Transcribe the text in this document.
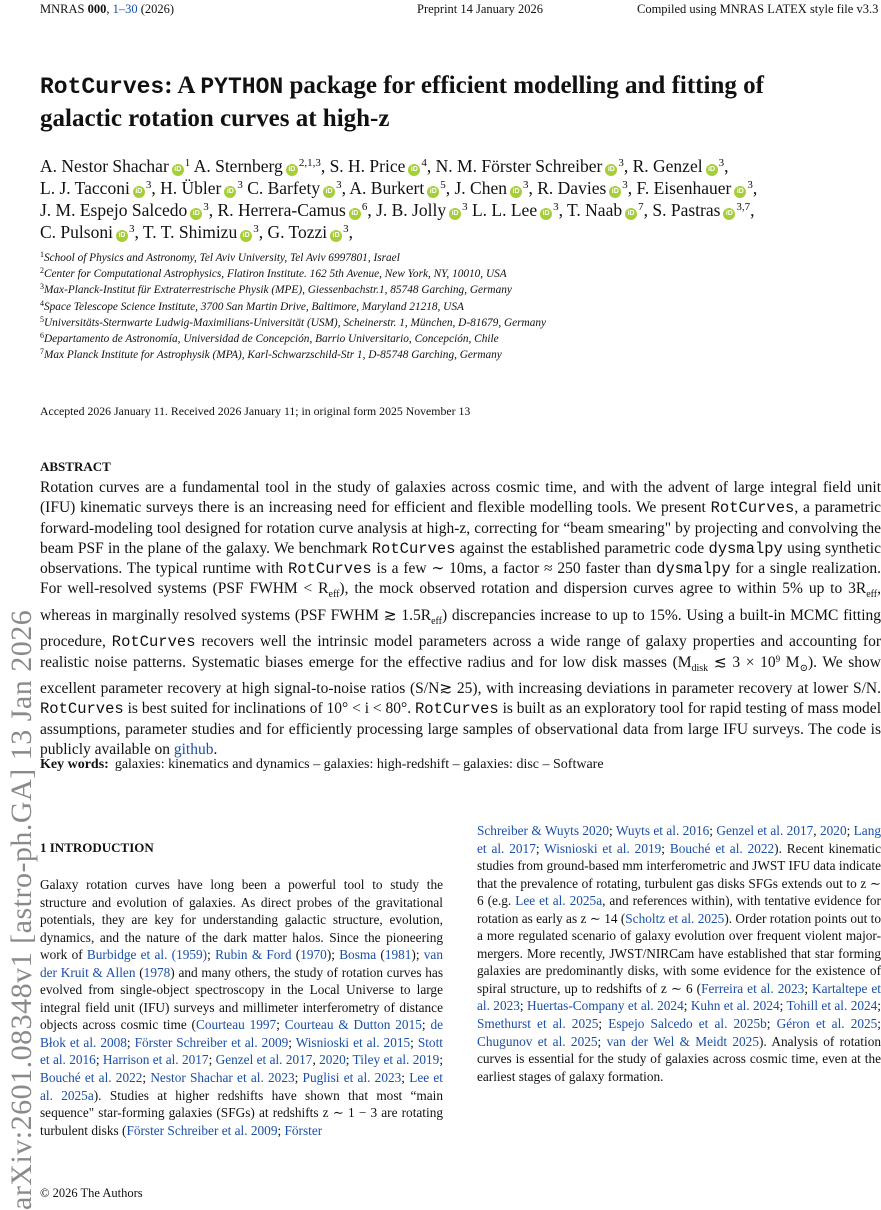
MNRAS 000, 1–30 (2026)	Preprint 14 January 2026	Compiled using MNRAS LATEX style file v3.3
arXiv:2601.08348v1 [astro-ph.GA] 13 Jan 2026
RotCurves: A PYTHON package for efficient modelling and fitting of
galactic rotation curves at high-z
A. Nestor Shachar $iD^1$ A. Sternberg iD$^{2,1,3}$, S. H. Price $iD^4$, N. M. Förster Schreiber $iD^3$, R. Genzel $iD^3$,
L. J. Tacconi $iD^3$, H. Übler $iD^3$ C. Barfety $iD^3$, A. Burkert $iD^5$, J. Chen $iD^3$, R. Davies $iD^3$, F. Eisenhauer $iD^3$,
J. M. Espejo Salcedo $iD^3$, R. Herrera-Camus $iD^6$, J. B. Jolly $iD^3$ L. L. Lee $iD^3$, T. Naab $iD^7$, S. Pastras iD$^{3,7}$,
C. Pulsoni $iD^3$, T. T. Shimizu $iD^3$, G. Tozzi $iD^3$,
$^1$School of Physics and Astronomy, Tel Aviv University, Tel Aviv 6997801, Israel
$^2$Center for Computational Astrophysics, Flatiron Institute. 162 5th Avenue, New York, NY, 10010, USA
$^3$Max-Planck-Institut für Extraterrestrische Physik (MPE), Giessenbachstr.1, 85748 Garching, Germany
$^4$Space Telescope Science Institute, 3700 San Martin Drive, Baltimore, Maryland 21218, USA
$^5$Universitäts-Sternwarte Ludwig-Maximilians-Universität (USM), Scheinerstr. 1, München, D-81679, Germany
$^6$Departamento de Astronomía, Universidad de Concepción, Barrio Universitario, Concepción, Chile
$^7$Max Planck Institute for Astrophysik (MPA), Karl-Schwarzschild-Str 1, D-85748 Garching, Germany
Accepted 2026 January 11. Received 2026 January 11; in original form 2025 November 13
ABSTRACT
Rotation curves are a fundamental tool in the study of galaxies across cosmic time, and with the advent of large integral field unit (IFU) kinematic surveys there is an increasing need for efficient and flexible modelling tools. We present RotCurves, a parametric forward-modeling tool designed for rotation curve analysis at high-z, correcting for “beam smearing" by projecting and convolving the beam PSF in the plane of the galaxy. We benchmark RotCurves against the established parametric code dysmalpy using synthetic observations. The typical runtime with RotCurves is a few ∼ 10ms, a factor ≈ 250 faster than dysmalpy for a single realization. For well-resolved systems (PSF FWHM < $R_{eff}$), the mock observed rotation and dispersion curves agree to within 5% up to $3R_{eff}$, whereas in marginally resolved systems (PSF FWHM ≳ $1.5R_{eff}$) discrepancies increase to up to 15%. Using a built-in MCMC fitting procedure, RotCurves recovers well the intrinsic model parameters across a wide range of galaxy properties and accounting for realistic noise patterns. Systematic biases emerge for the effective radius and for low disk masses ($M_{disk}$ ≲ $3 \times 10^9$ $M_⊙$). We show excellent parameter recovery at high signal-to-noise ratios (S/N≳ 25), with increasing deviations in parameter recovery at lower S/N. RotCurves is best suited for inclinations of 10° < i < 80°. RotCurves is built as an exploratory tool for rapid testing of mass model assumptions, parameter studies and for efficiently processing large samples of observational data from large IFU surveys. The code is publicly available on github.
Key words: galaxies: kinematics and dynamics – galaxies: high-redshift – galaxies: disc – Software
1 INTRODUCTION
Galaxy rotation curves have long been a powerful tool to study the structure and evolution of galaxies. As direct probes of the gravitational potentials, they are key for understanding galactic structure, evolution, dynamics, and the nature of the dark matter halos. Since the pioneering work of Burbidge et al. (1959); Rubin & Ford (1970); Bosma (1981); van der Kruit & Allen (1978) and many others, the study of rotation curves has evolved from single-object spectroscopy in the Local Universe to large integral field unit (IFU) surveys and millimeter interferometry of distance objects across cosmic time (Courteau 1997; Courteau & Dutton 2015; de Błok et al. 2008; Förster Schreiber et al. 2009; Wisnioski et al. 2015; Stott et al. 2016; Harrison et al. 2017; Genzel et al. 2017, 2020; Tiley et al. 2019; Bouché et al. 2022; Nestor Shachar et al. 2023; Puglisi et al. 2023; Lee et al. 2025a). Studies at higher redshifts have shown that most “main sequence" star-forming galaxies (SFGs) at redshifts z ∼ 1 − 3 are rotating turbulent disks (Förster Schreiber et al. 2009; Förster
Schreiber & Wuyts 2020; Wuyts et al. 2016; Genzel et al. 2017, 2020; Lang et al. 2017; Wisnioski et al. 2019; Bouché et al. 2022). Recent kinematic studies from ground-based mm interferometric and JWST IFU data indicate that the prevalence of rotating, turbulent gas disks SFGs extends out to z ∼ 6 (e.g. Lee et al. 2025a, and references within), with tentative evidence for rotation as early as z ∼ 14 (Scholtz et al. 2025). Order rotation points out to a more regulated scenario of galaxy evolution over frequent violent major-mergers. More recently, JWST/NIRCam have established that star forming galaxies are predominantly disks, with some evidence for the existence of spiral structure, up to redshifts of z ∼ 6 (Ferreira et al. 2023; Kartaltepe et al. 2023; Huertas-Company et al. 2024; Kuhn et al. 2024; Tohill et al. 2024; Smethurst et al. 2025; Espejo Salcedo et al. 2025b; Géron et al. 2025; Chugunov et al. 2025; van der Wel & Meidt 2025). Analysis of rotation curves is essential for the study of galaxies across cosmic time, even at the earliest stages of galaxy formation.
© 2026 The Authors
